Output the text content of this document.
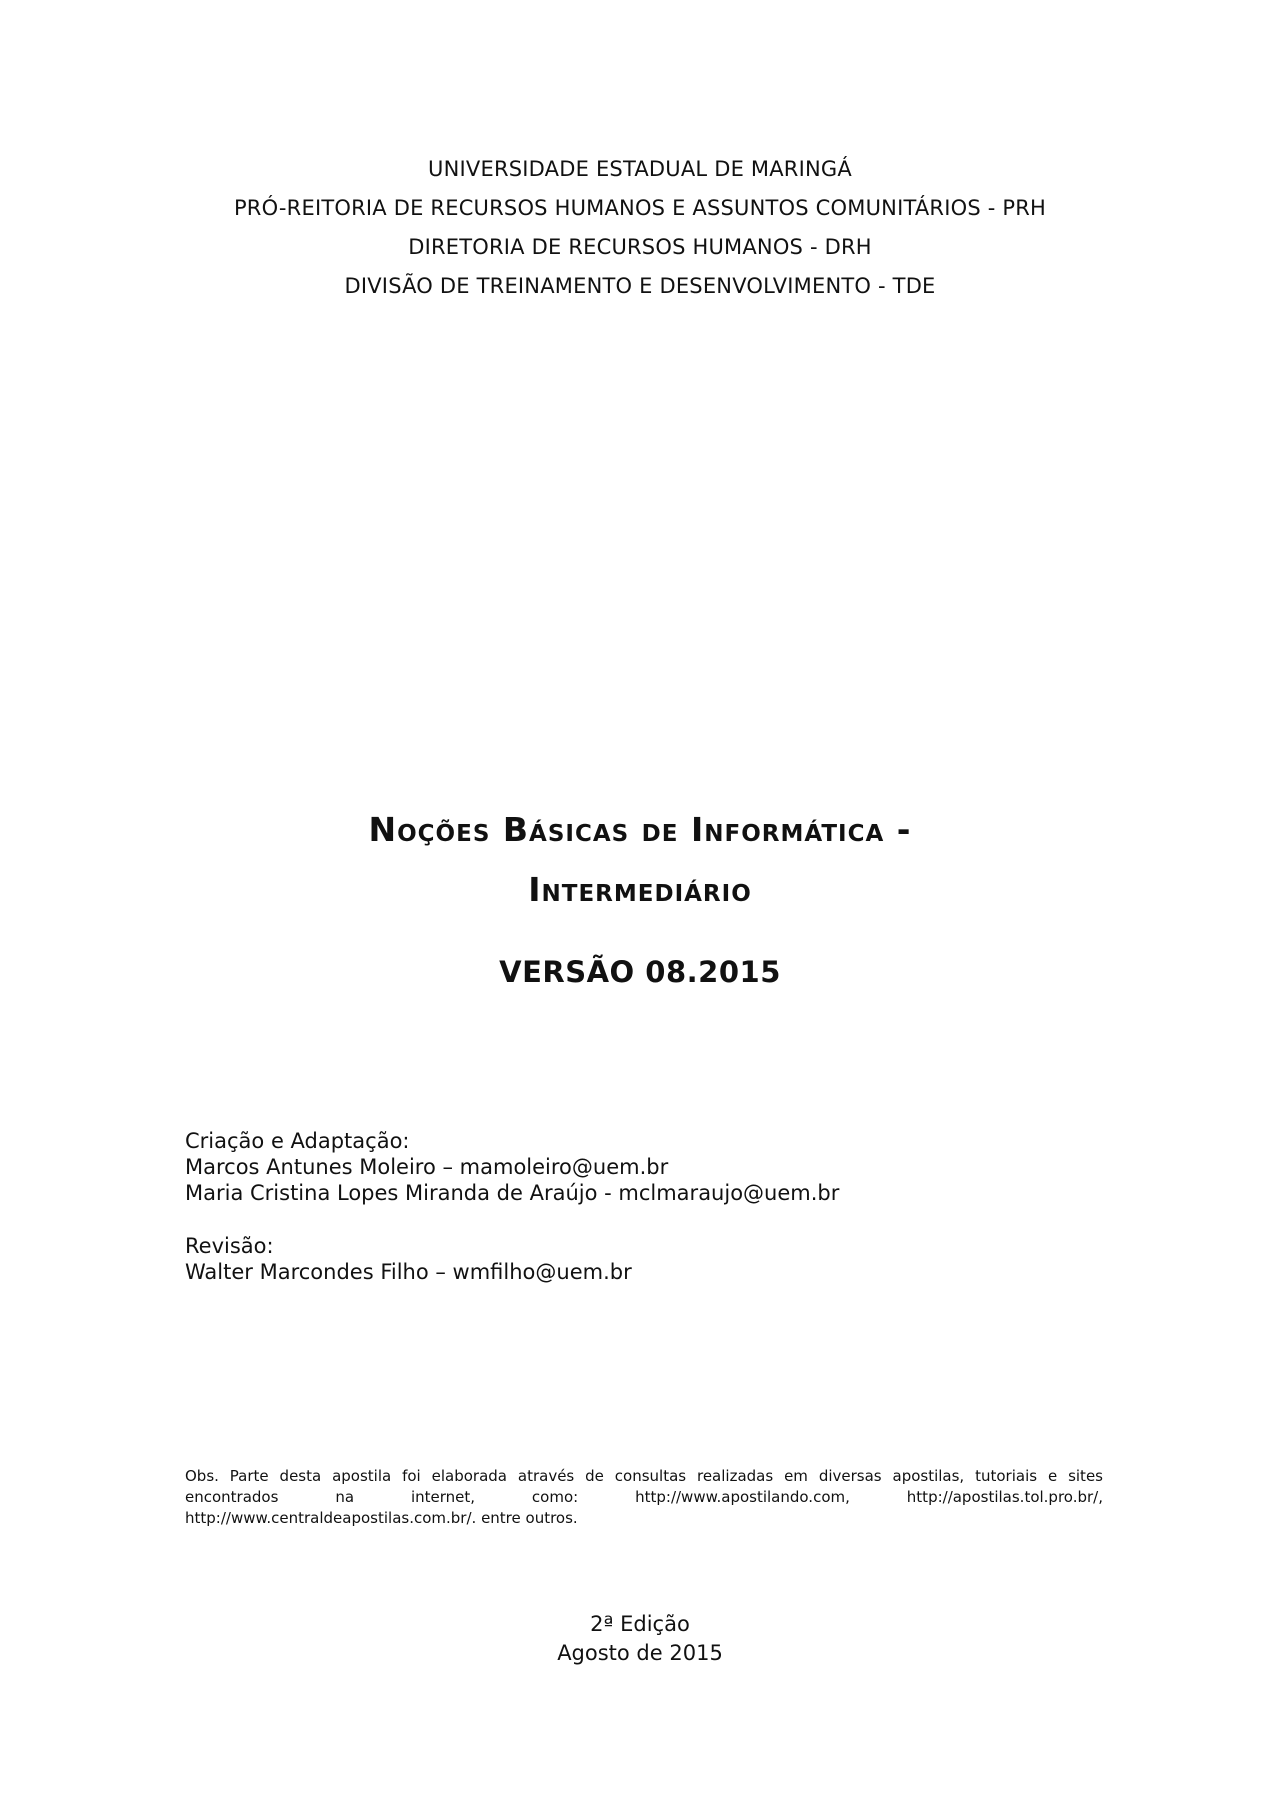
UNIVERSIDADE ESTADUAL DE MARINGÁ
PRÓ-REITORIA DE RECURSOS HUMANOS E ASSUNTOS COMUNITÁRIOS - PRH
DIRETORIA DE RECURSOS HUMANOS - DRH
DIVISÃO DE TREINAMENTO E DESENVOLVIMENTO - TDE
Noções Básicas de Informática -
Intermediário
VERSÃO 08.2015
Criação e Adaptação:
Marcos Antunes Moleiro – mamoleiro@uem.br
Maria Cristina Lopes Miranda de Araújo - mclmaraujo@uem.br
Revisão:
Walter Marcondes Filho – wmfilho@uem.br
Obs. Parte desta apostila foi elaborada através de consultas realizadas em diversas apostilas, tutoriais e sites encontrados na internet, como: http://www.apostilando.com, http://apostilas.tol.pro.br/, http://www.centraldeapostilas.com.br/. entre outros.
2ª Edição
Agosto de 2015
